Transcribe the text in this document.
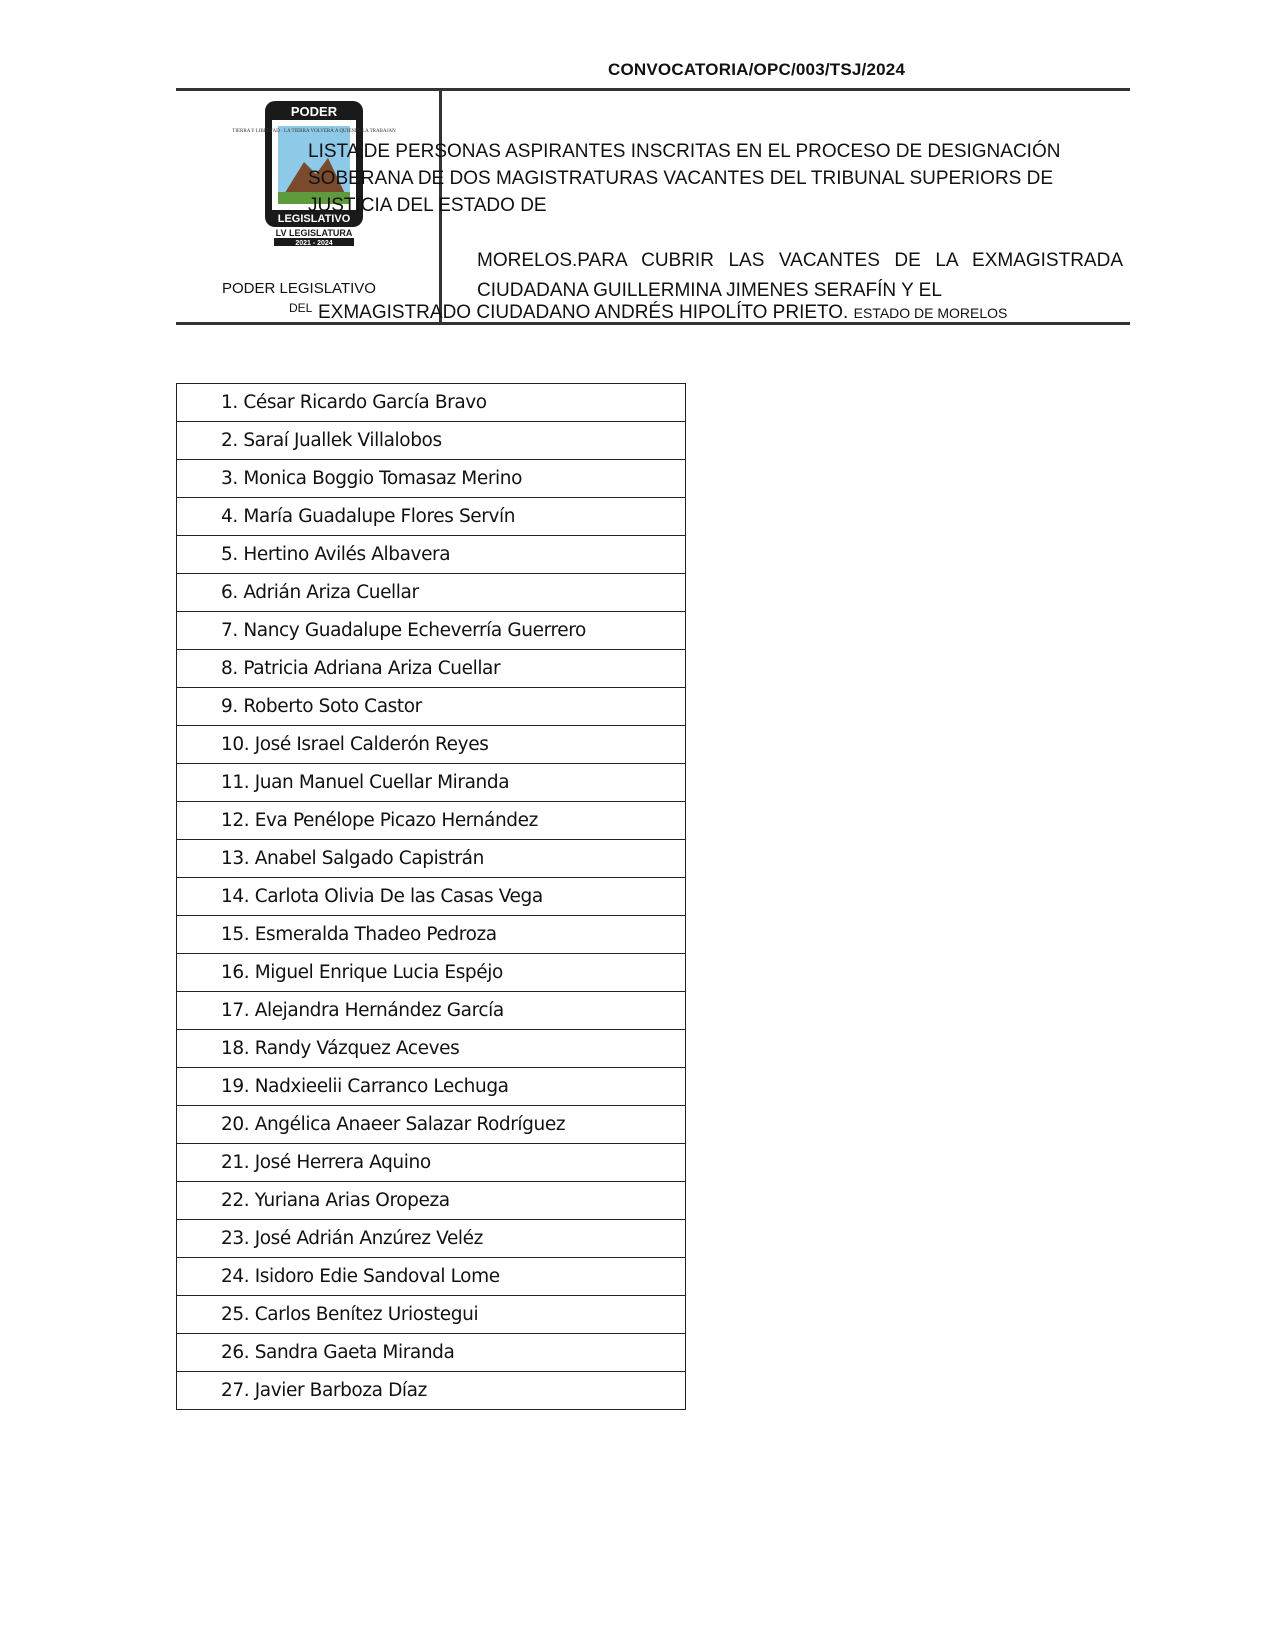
CONVOCATORIA/OPC/003/TSJ/2024
PODER
TIERRA Y LIBERTAD · LA TIERRA VOLVERÁ A QUIENES LA TRABAJAN
LEGISLATIVO
LV LEGISLATURA
2021 - 2024
LISTA DE PERSONAS ASPIRANTES INSCRITAS EN EL PROCESO DE DESIGNACIÓN
SOBERANA DE DOS MAGISTRATURAS VACANTES DEL TRIBUNAL SUPERIORS DE
JUSTICIA DEL ESTADO DE
MORELOS.PARA CUBRIR LAS VACANTES DE LA EXMAGISTRADA CIUDADANA GUILLERMINA JIMENES SERAFÍN Y EL
EXMAGISTRADO CIUDADANO ANDRÉS HIPOLÍTO PRIETO. ESTADO DE MORELOS
PODER LEGISLATIVO
DEL
1. César Ricardo García Bravo
2. Saraí Juallek Villalobos
3. Monica Boggio Tomasaz Merino
4. María Guadalupe Flores Servín
5. Hertino Avilés Albavera
6. Adrián Ariza Cuellar
7. Nancy Guadalupe Echeverría Guerrero
8. Patricia Adriana Ariza Cuellar
9. Roberto Soto Castor
10. José Israel Calderón Reyes
11. Juan Manuel Cuellar Miranda
12. Eva Penélope Picazo Hernández
13. Anabel Salgado Capistrán
14. Carlota Olivia De las Casas Vega
15. Esmeralda Thadeo Pedroza
16. Miguel Enrique Lucia Espéjo
17. Alejandra Hernández García
18. Randy Vázquez Aceves
19. Nadxieelii Carranco Lechuga
20. Angélica Anaeer Salazar Rodríguez
21. José Herrera Aquino
22. Yuriana Arias Oropeza
23. José Adrián Anzúrez Veléz
24. Isidoro Edie Sandoval Lome
25. Carlos Benítez Uriostegui
26. Sandra Gaeta Miranda
27. Javier Barboza Díaz
